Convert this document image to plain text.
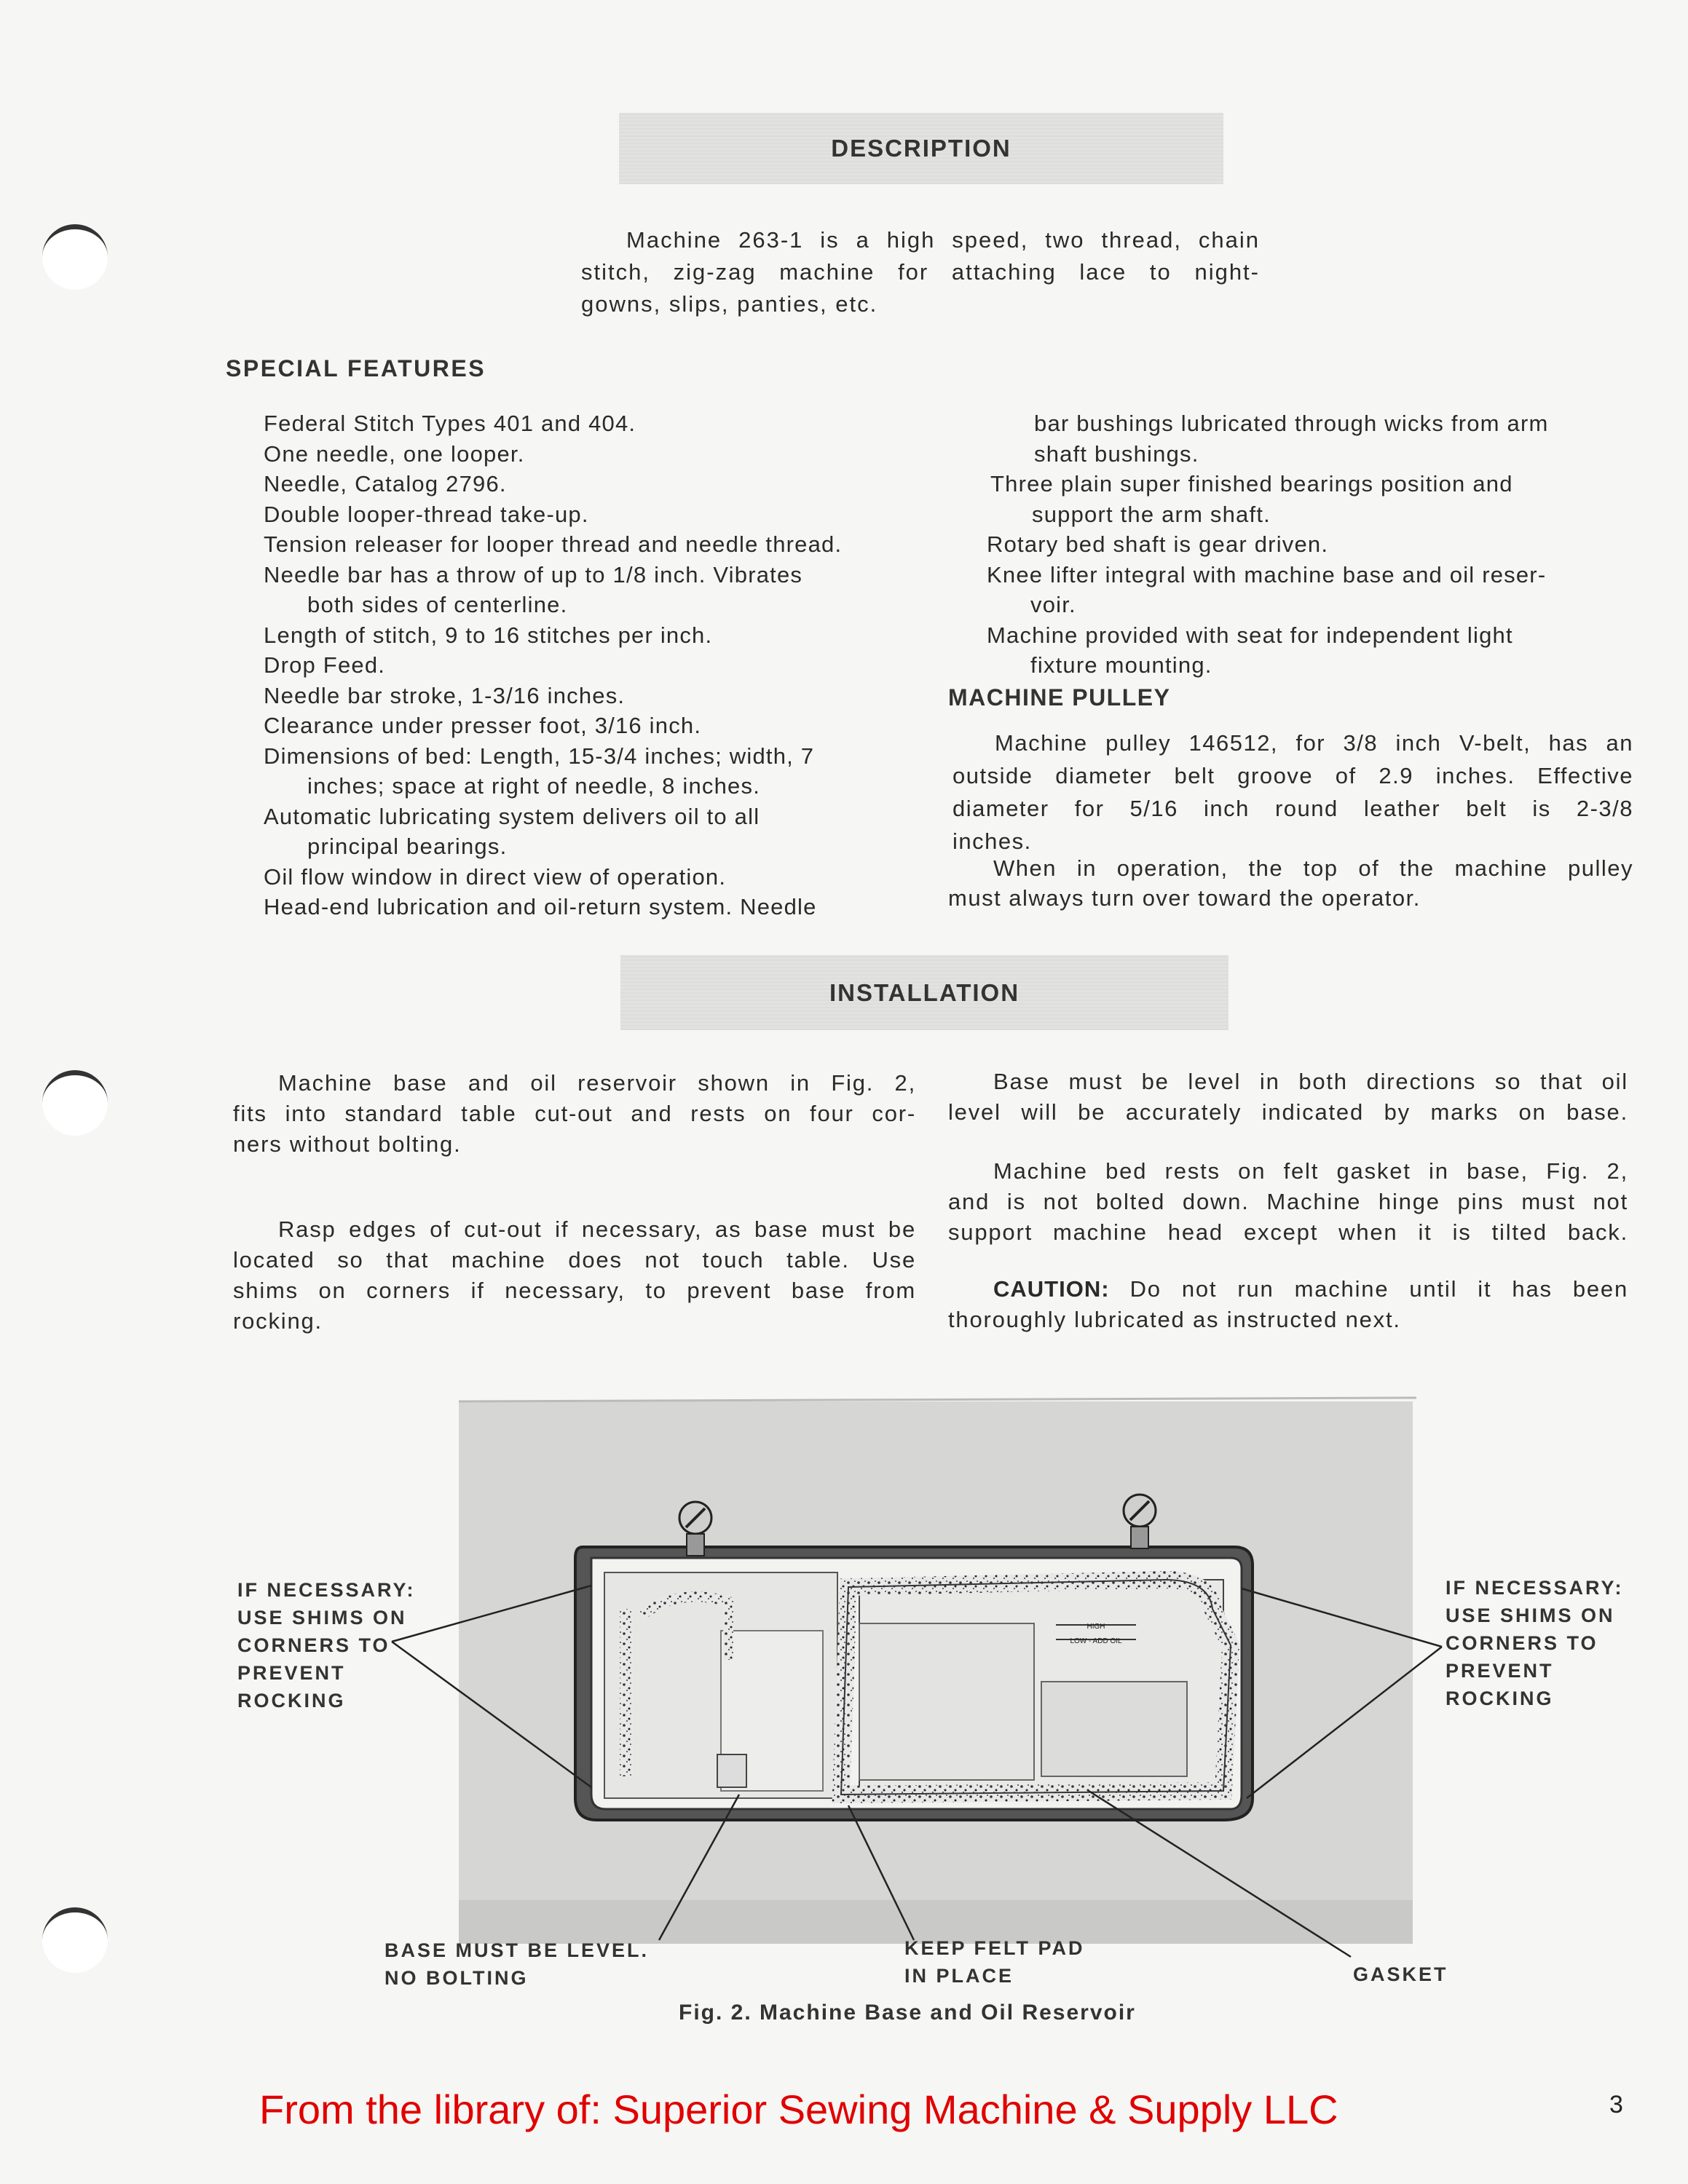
DESCRIPTION
Machine 263-1 is a high speed, two thread, chain
stitch, zig-zag machine for attaching lace to night-
gowns, slips, panties, etc.
SPECIAL FEATURES
Federal Stitch Types 401 and 404.
One needle, one looper.
Needle, Catalog 2796.
Double looper-thread take-up.
Tension releaser for looper thread and needle thread.
Needle bar has a throw of up to 1/8 inch. Vibrates
both sides of centerline.
Length of stitch, 9 to 16 stitches per inch.
Drop Feed.
Needle bar stroke, 1-3/16 inches.
Clearance under presser foot, 3/16 inch.
Dimensions of bed: Length, 15-3/4 inches; width, 7
inches; space at right of needle, 8 inches.
Automatic lubricating system delivers oil to all
principal bearings.
Oil flow window in direct view of operation.
Head-end lubrication and oil-return system. Needle
bar bushings lubricated through wicks from arm
shaft bushings.
Three plain super finished bearings position and
support the arm shaft.
Rotary bed shaft is gear driven.
Knee lifter integral with machine base and oil reser-
voir.
Machine provided with seat for independent light
fixture mounting.
MACHINE PULLEY
Machine pulley 146512, for 3/8 inch V-belt, has an
outside diameter belt groove of 2.9 inches. Effective
diameter for 5/16 inch round leather belt is 2-3/8
inches.
When in operation, the top of the machine pulley
must always turn over toward the operator.
INSTALLATION
Machine base and oil reservoir shown in Fig. 2,
fits into standard table cut-out and rests on four cor-
ners without bolting.
Rasp edges of cut-out if necessary, as base must be
located so that machine does not touch table. Use
shims on corners if necessary, to prevent base from
rocking.
Base must be level in both directions so that oil
level will be accurately indicated by marks on base.
Machine bed rests on felt gasket in base, Fig. 2,
and is not bolted down. Machine hinge pins must not
support machine head except when it is tilted back.
CAUTION: Do not run machine until it has been
thoroughly lubricated as instructed next.
HIGH
LOW - ADD OIL
IF NECESSARY:
USE SHIMS ON
CORNERS TO
PREVENT
ROCKING
IF NECESSARY:
USE SHIMS ON
CORNERS TO
PREVENT
ROCKING
BASE MUST BE LEVEL.
NO BOLTING
KEEP FELT PAD
IN PLACE	GASKET
Fig. 2. Machine Base and Oil Reservoir
From the library of: Superior Sewing Machine & Supply LLC	3
